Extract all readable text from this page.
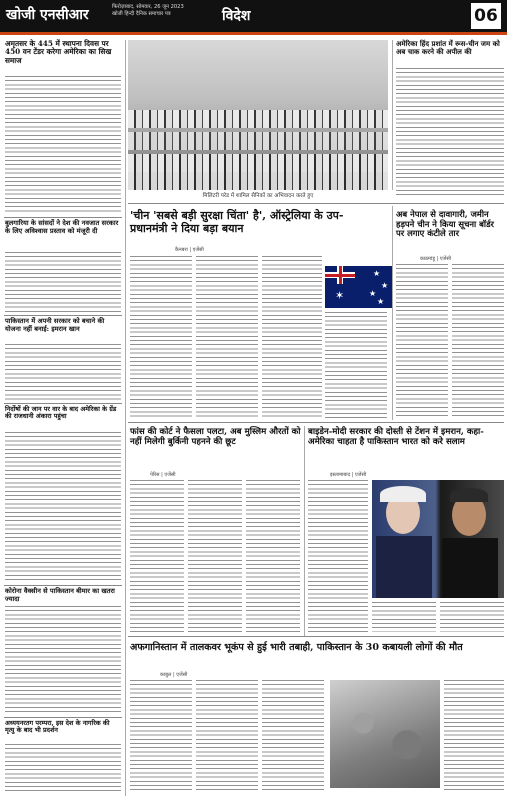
खोजी एनसीआर	फिरोज़ाबाद, सोमवार, 26 जून 2023
खोजी हिन्दी दैनिक समाचार पत्र	विदेश	06
अमृतसर के 445 में स्थापना दिवस पर 450 वन टेंडर करेगा अमेरिका का सिख समाज
बुलगारिया के सांसदों ने देश की नवजात सरकार के लिए अविश्वास प्रस्ताव को मंजूरी दी
पाकिस्तान में अपनी सरकार को बचाने की योजना नहीं बनाई: इमरान खान
निर्दोषों की जान पर वार के बाद अमेरिका के ग्रेंड की राजधानी अंकारा पहुंचा
कोरोना वैक्सीन से पाकिस्तान बीमार का खतरा ज्यादा
अध्ययनरतग परम्परा, इस देश के नागरिक की मृत्यु के बाद भी प्रदर्शन
मिलिटरी परेड में शामिल सैनिकों का अभिवादन करते हुए
अमेरिका हिंद प्रशांत में रूस-चीन जम को अब चाक करने की अपील की
'चीन 'सबसे बड़ी सुरक्षा चिंता' है', ऑस्ट्रेलिया के उप-प्रधानमंत्री ने दिया बड़ा बयान
कैनबरा | एजेंसी
✶
★
★
★
★
अब नेपाल से दावागारी, जमीन हड़पने चीन ने किया सूचना बॉर्डर पर लगाए कंटीले तार
काठमांडू | एजेंसी
फांस की कोर्ट ने फैसला पलटा, अब मुस्लिम औरतों को नहीं मिलेगी बुर्किनी पहनने की छूट
पेरिस | एजेंसी
बाइडेन-मोदी सरकार की दोस्ती से टेंशन में इमरान, कहा- अमेरिका चाहता है पाकिस्तान भारत को करे सलाम
इस्लामाबाद | एजेंसी
अफगानिस्तान में तालकवर भूकंप से हुई भारी तबाही, पाकिस्तान के 30 कबायली लोगों की मौत
काबुल | एजेंसी
